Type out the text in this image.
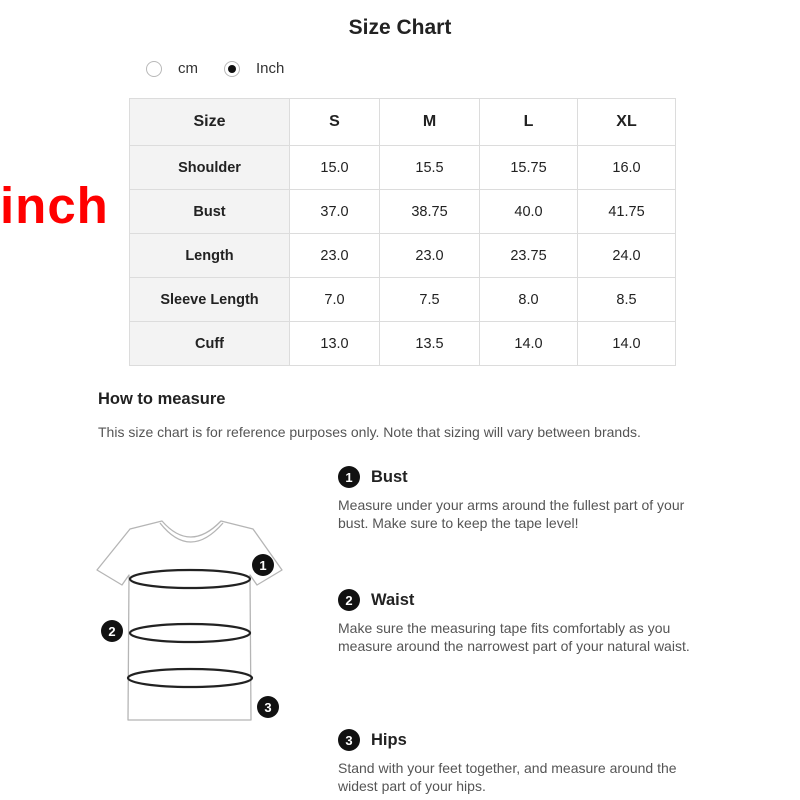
Size Chart
cm	Inch
inch
Size	S	M	L	XL
Shoulder	15.0	15.5	15.75	16.0
Bust	37.0	38.75	40.0	41.75
Length	23.0	23.0	23.75	24.0
Sleeve Length	7.0	7.5	8.0	8.5
Cuff	13.0	13.5	14.0	14.0
How to measure
This size chart is for reference purposes only. Note that sizing will vary between brands.
1
2
3
1	Bust
Measure under your arms around the fullest part of your bust. Make sure to keep the tape level!
2	Waist
Make sure the measuring tape fits comfortably as you measure around the narrowest part of your natural waist.
3	Hips
Stand with your feet together, and measure around the widest part of your hips.
